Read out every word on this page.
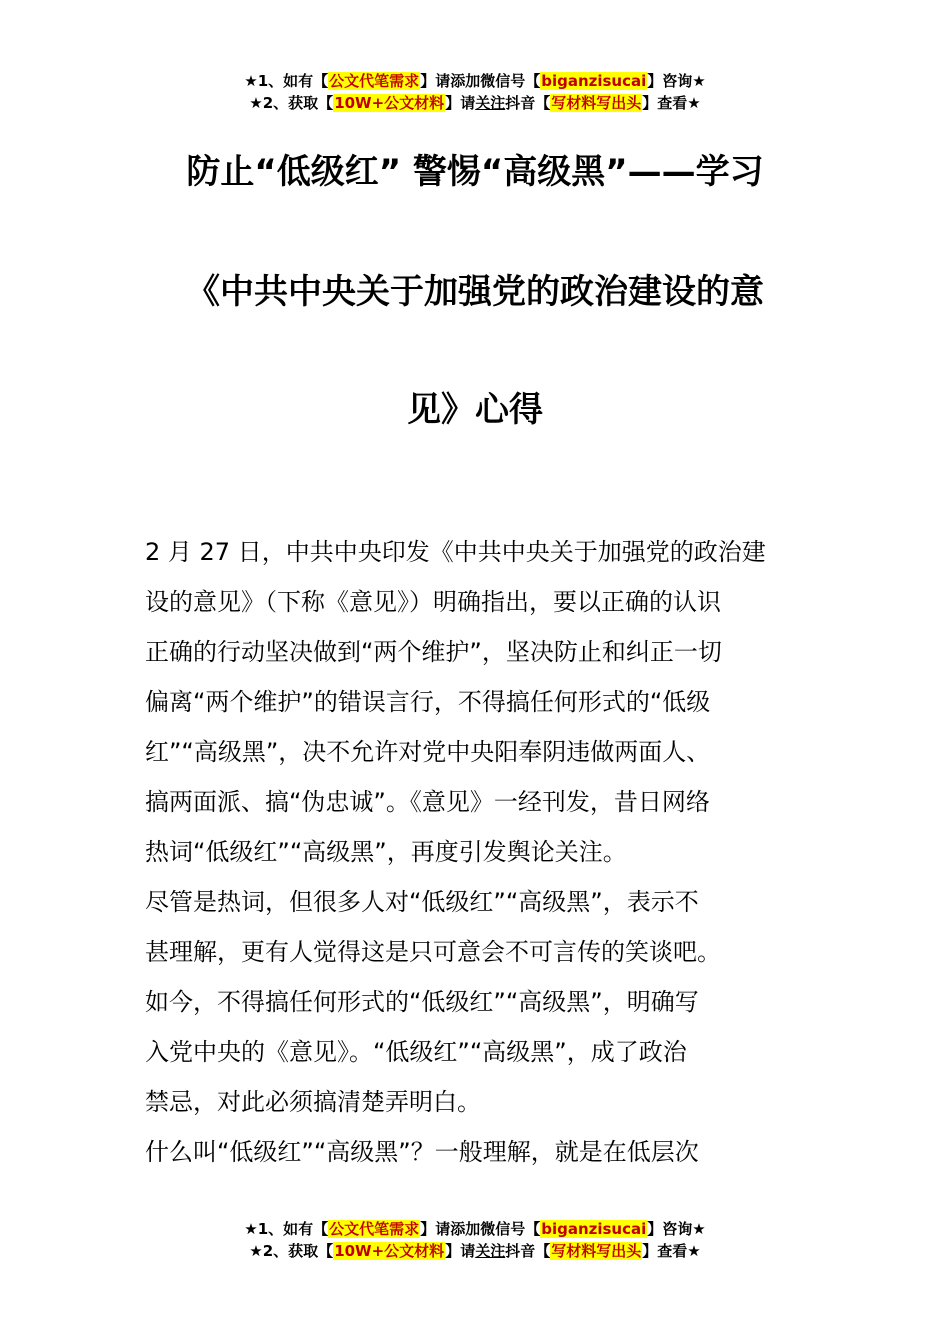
★1、如有【公文代笔需求】请添加微信号【biganzisucai】咨询★
★2、获取【10W+公文材料】请关注抖音【写材料写出头】查看★
防止“低级红” 警惕“高级黑”——学习
《中共中央关于加强党的政治建设的意
见》心得

2 月 27 日，中共中央印发《中共中央关于加强党的政治建

设的意见》（下称《意见》）明确指出，要以正确的认识

正确的行动坚决做到“两个维护”，坚决防止和纠正一切

偏离“两个维护”的错误言行，不得搞任何形式的“低级

红”“高级黑”，决不允许对党中央阳奉阴违做两面人、

搞两面派、搞“伪忠诚”。《意见》一经刊发，昔日网络

热词“低级红”“高级黑”，再度引发舆论关注。

尽管是热词，但很多人对“低级红”“高级黑”，表示不

甚理解，更有人觉得这是只可意会不可言传的笑谈吧。

如今，不得搞任何形式的“低级红”“高级黑”，明确写

入党中央的《意见》。“低级红”“高级黑”，成了政治

禁忌，对此必须搞清楚弄明白。

什么叫“低级红”“高级黑”？一般理解，就是在低层次

★1、如有【公文代笔需求】请添加微信号【biganzisucai】咨询★
★2、获取【10W+公文材料】请关注抖音【写材料写出头】查看★
